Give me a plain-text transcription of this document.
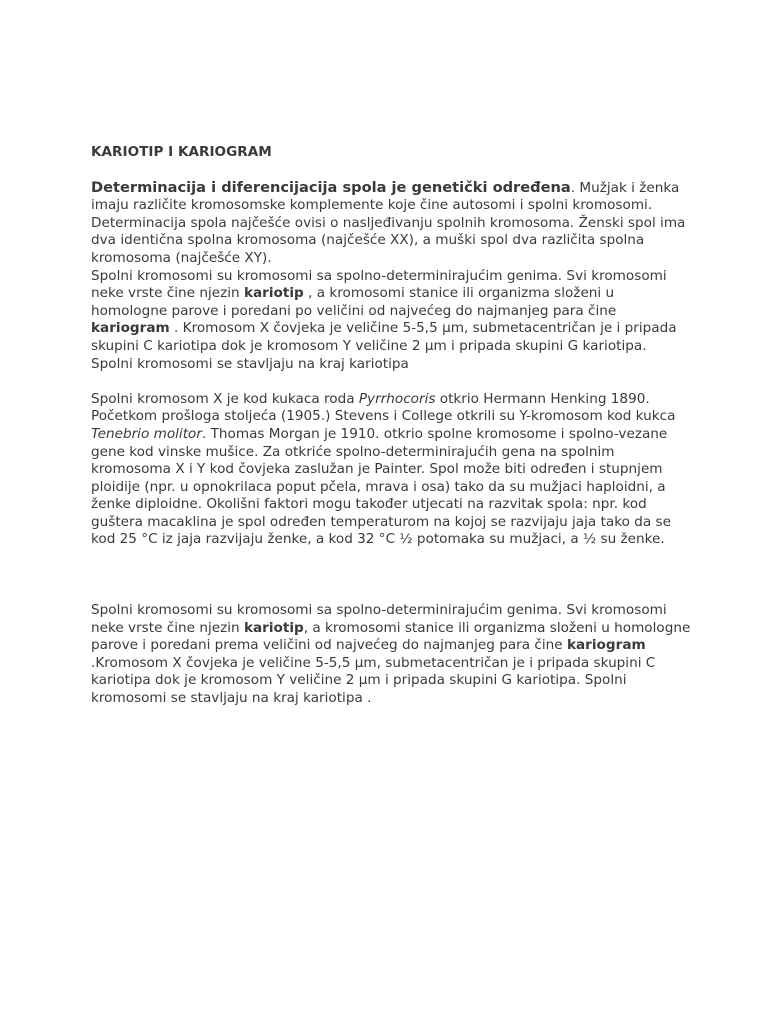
KARIOTIP I KARIOGRAM

Determinacija i diferencijacija spola je genetički određena. Mužjak i ženka imaju različite kromosomske komplemente koje čine autosomi i spolni kromosomi. Determinacija spola najčešće ovisi o nasljeđivanju spolnih kromosoma. Ženski spol ima dva identična spolna kromosoma (najčešće XX), a muški spol dva različita spolna kromosoma (najčešće XY).

Spolni kromosomi su kromosomi sa spolno-determinirajućim genima. Svi kromosomi neke vrste čine njezin kariotip , a kromosomi stanice ili organizma složeni u homologne parove i poredani po veličini od najvećeg do najmanjeg para čine kariogram . Kromosom X čovjeka je veličine 5-5,5 µm, submetacentričan je i pripada skupini C kariotipa dok je kromosom Y veličine 2 µm i pripada skupini G kariotipa. Spolni kromosomi se stavljaju na kraj kariotipa

Spolni kromosom X je kod kukaca roda Pyrrhocoris otkrio Hermann Henking 1890. Početkom prošloga stoljeća (1905.) Stevens i College otkrili su Y-kromosom kod kukca Tenebrio molitor. Thomas Morgan je 1910. otkrio spolne kromosome i spolno-vezane gene kod vinske mušice. Za otkriće spolno-determinirajućih gena na spolnim kromosoma X i Y kod čovjeka zaslužan je Painter. Spol može biti određen i stupnjem ploidije (npr. u opnokrilaca poput pčela, mrava i osa) tako da su mužjaci haploidni, a ženke diploidne. Okolišni faktori mogu također utjecati na razvitak spola: npr. kod guštera macaklina je spol određen temperaturom na kojoj se razvijaju jaja tako da se kod 25 °C iz jaja razvijaju ženke, a kod 32 °C ½ potomaka su mužjaci, a ½ su ženke.

Spolni kromosomi su kromosomi sa spolno-determinirajućim genima. Svi kromosomi neke vrste čine njezin kariotip, a kromosomi stanice ili organizma složeni u homologne parove i poredani prema veličini od najvećeg do najmanjeg para čine kariogram .Kromosom X čovjeka je veličine 5-5,5 µm, submetacentričan je i pripada skupini C kariotipa dok je kromosom Y veličine 2 µm i pripada skupini G kariotipa. Spolni kromosomi se stavljaju na kraj kariotipa .
